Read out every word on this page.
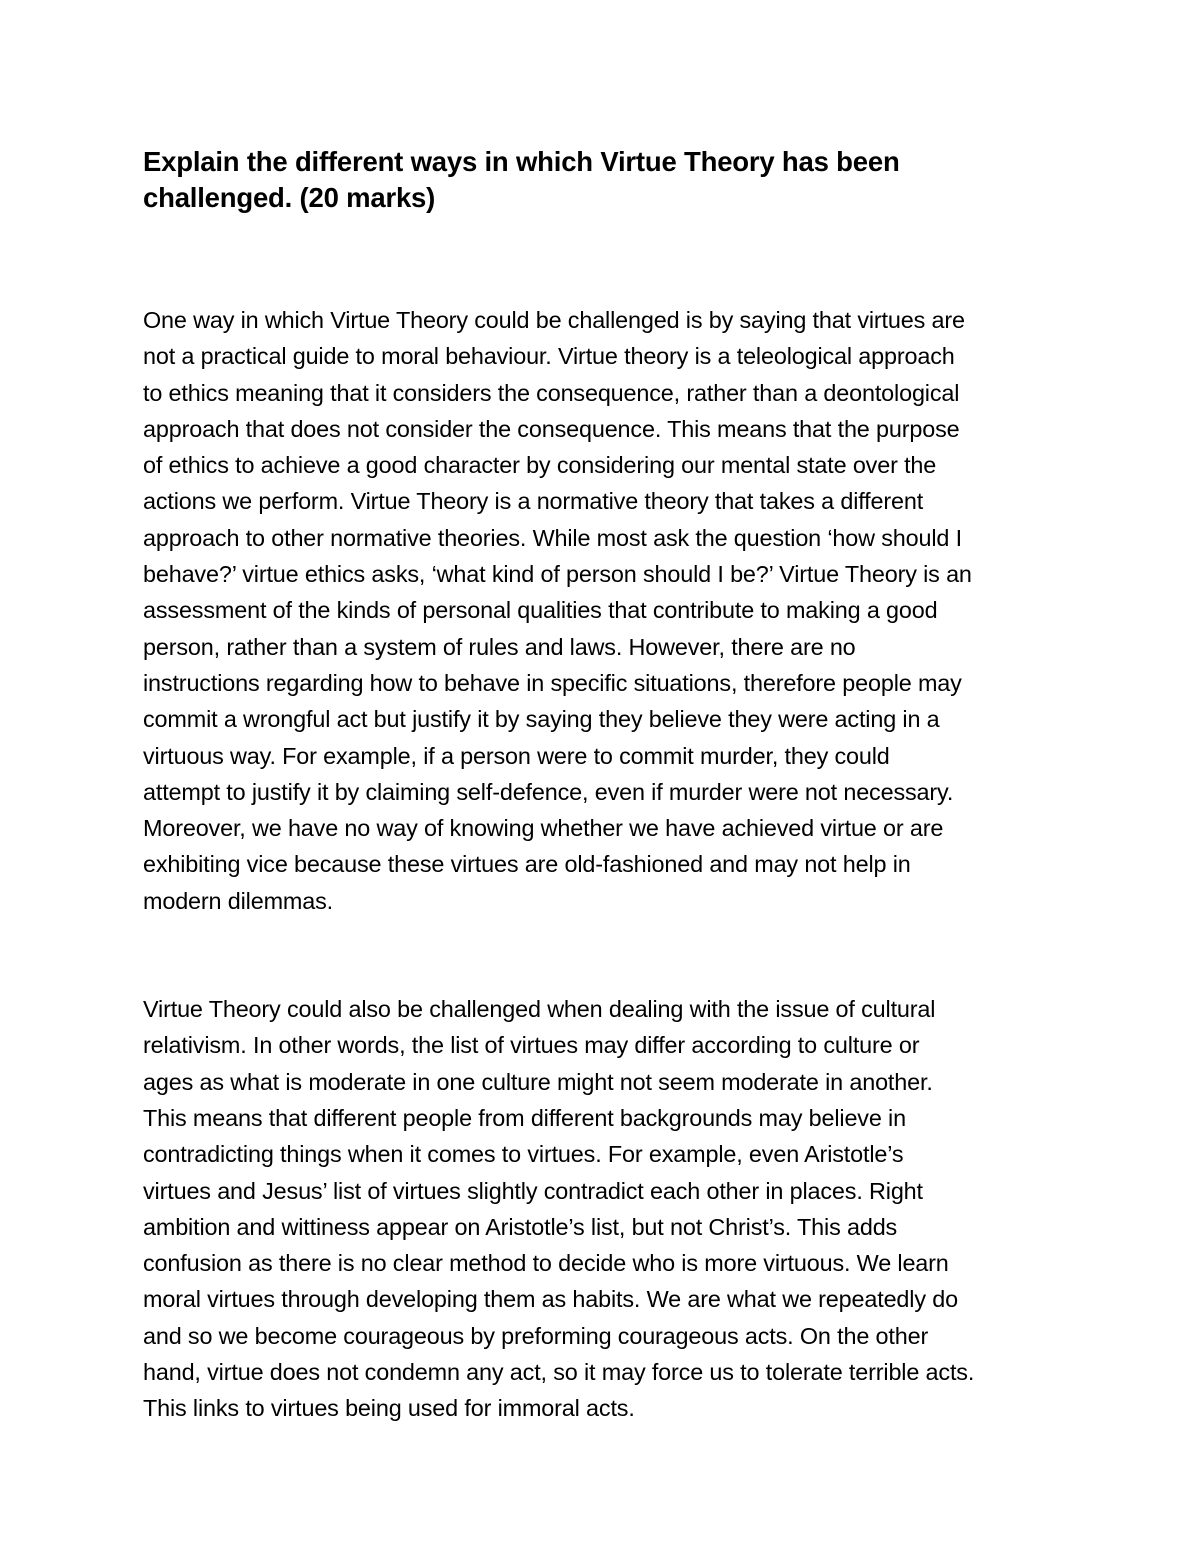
Explain the different ways in which Virtue Theory has been
challenged. (20 marks)

One way in which Virtue Theory could be challenged is by saying that virtues are
not a practical guide to moral behaviour. Virtue theory is a teleological approach
to ethics meaning that it considers the consequence, rather than a deontological
approach that does not consider the consequence. This means that the purpose
of ethics to achieve a good character by considering our mental state over the
actions we perform. Virtue Theory is a normative theory that takes a different
approach to other normative theories. While most ask the question ‘how should I
behave?’ virtue ethics asks, ‘what kind of person should I be?’ Virtue Theory is an
assessment of the kinds of personal qualities that contribute to making a good
person, rather than a system of rules and laws. However, there are no
instructions regarding how to behave in specific situations, therefore people may
commit a wrongful act but justify it by saying they believe they were acting in a
virtuous way. For example, if a person were to commit murder, they could
attempt to justify it by claiming self-defence, even if murder were not necessary.
Moreover, we have no way of knowing whether we have achieved virtue or are
exhibiting vice because these virtues are old-fashioned and may not help in
modern dilemmas.

Virtue Theory could also be challenged when dealing with the issue of cultural
relativism. In other words, the list of virtues may differ according to culture or
ages as what is moderate in one culture might not seem moderate in another.
This means that different people from different backgrounds may believe in
contradicting things when it comes to virtues. For example, even Aristotle’s
virtues and Jesus’ list of virtues slightly contradict each other in places. Right
ambition and wittiness appear on Aristotle’s list, but not Christ’s. This adds
confusion as there is no clear method to decide who is more virtuous. We learn
moral virtues through developing them as habits. We are what we repeatedly do
and so we become courageous by preforming courageous acts. On the other
hand, virtue does not condemn any act, so it may force us to tolerate terrible acts.
This links to virtues being used for immoral acts.
